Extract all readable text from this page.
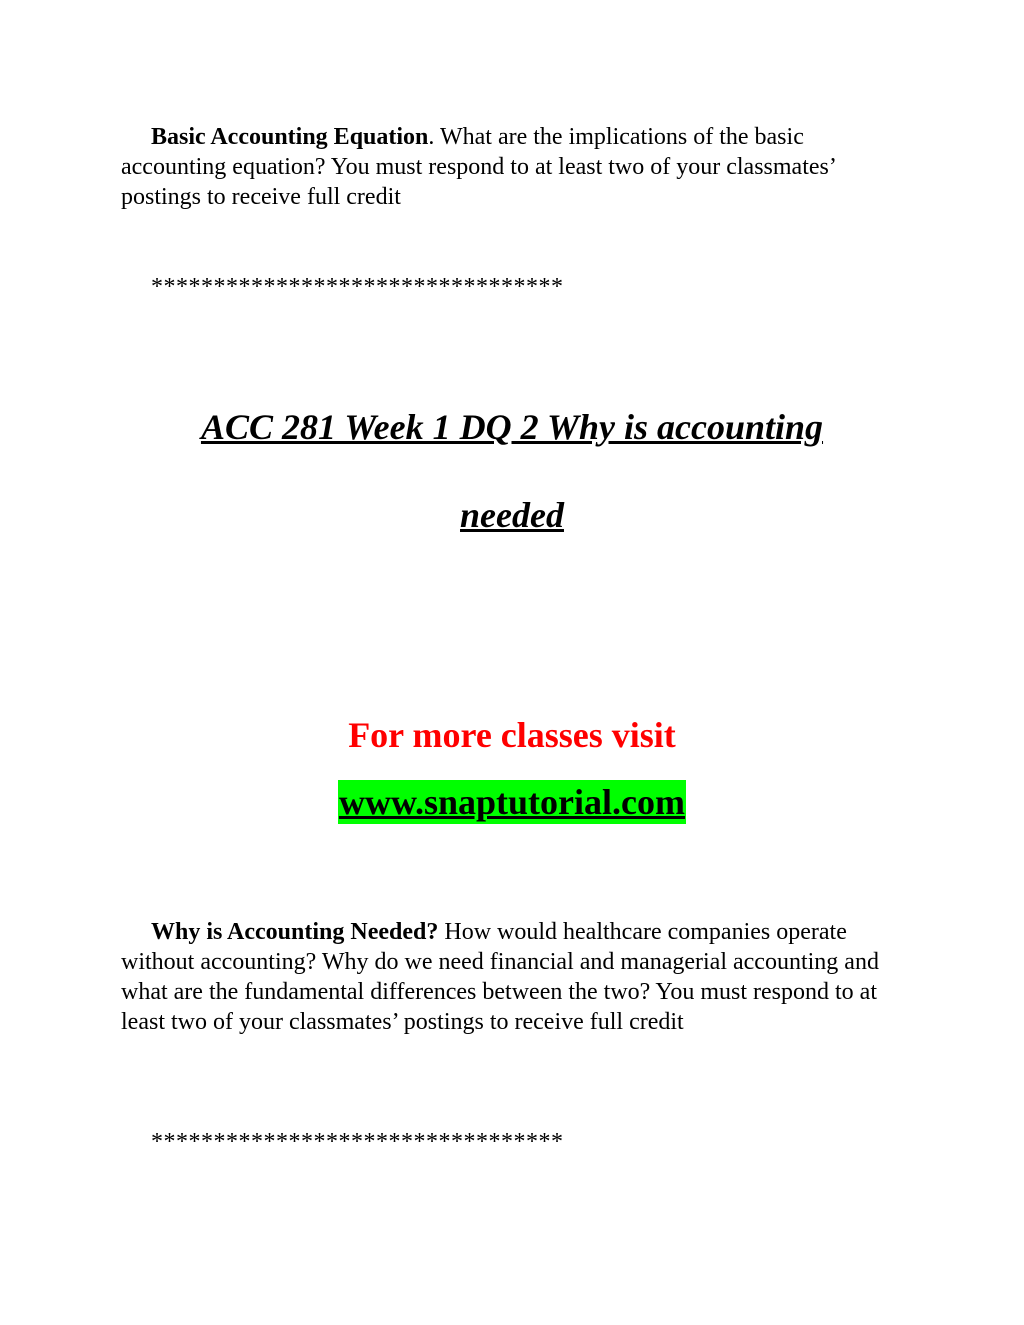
Basic Accounting Equation. What are the implications of the basic accounting equation? You must respond to at least two of your classmates’ postings to receive full credit

*********************************

ACC 281 Week 1 DQ 2 Why is accounting

needed

For more classes visit

www.snaptutorial.com

Why is Accounting Needed? How would healthcare companies operate without accounting? Why do we need financial and managerial accounting and what are the fundamental differences between the two? You must respond to at least two of your classmates’ postings to receive full credit

*********************************
